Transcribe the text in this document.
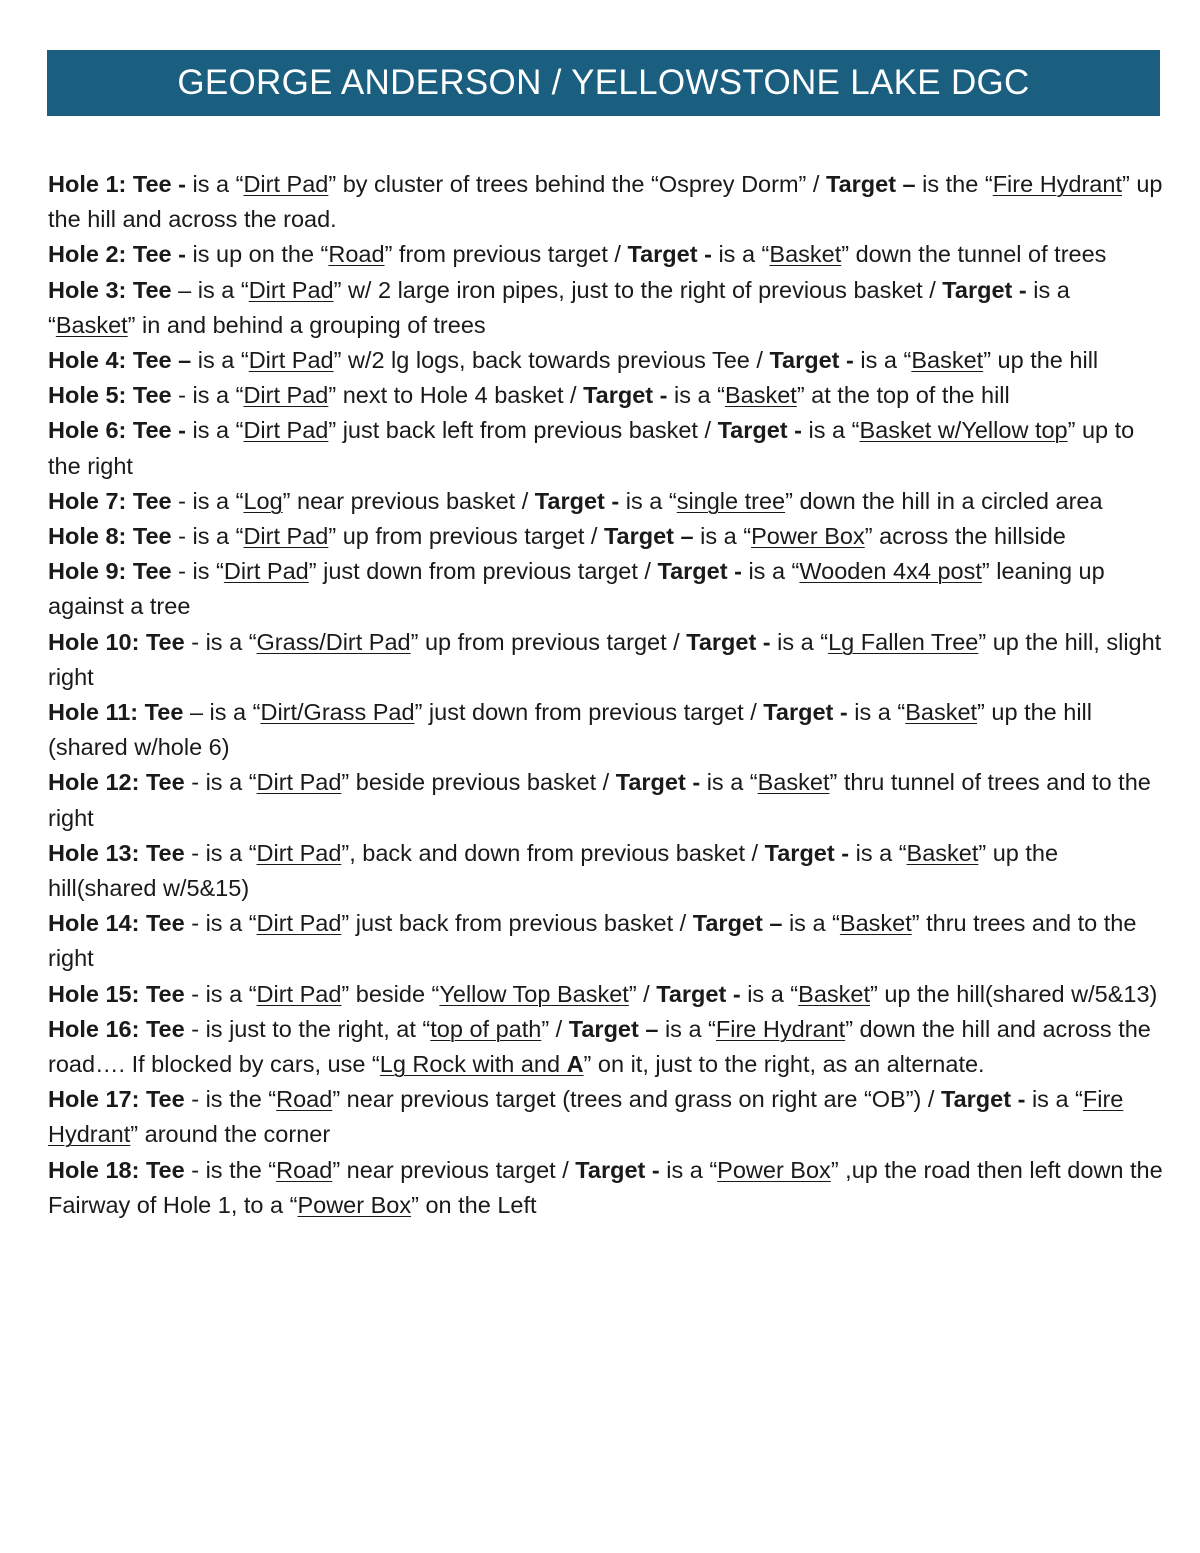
GEORGE ANDERSON / YELLOWSTONE LAKE DGC

Hole 1: Tee - is a “Dirt Pad” by cluster of trees behind the “Osprey Dorm” / Target – is the “Fire Hydrant” up the hill and across the road.

Hole 2: Tee - is up on the “Road” from previous target / Target - is a “Basket” down the tunnel of trees

Hole 3: Tee – is a “Dirt Pad” w/ 2 large iron pipes, just to the right of previous basket / Target - is a “Basket” in and behind a grouping of trees

Hole 4: Tee – is a “Dirt Pad” w/2 lg logs, back towards previous Tee / Target - is a “Basket” up the hill

Hole 5: Tee - is a “Dirt Pad” next to Hole 4 basket / Target - is a “Basket” at the top of the hill

Hole 6: Tee - is a “Dirt Pad” just back left from previous basket / Target - is a “Basket w/Yellow top” up to the right

Hole 7: Tee - is a “Log” near previous basket / Target - is a “single tree” down the hill in a circled area

Hole 8: Tee - is a “Dirt Pad” up from previous target / Target – is a “Power Box” across the hillside

Hole 9: Tee - is “Dirt Pad” just down from previous target / Target - is a “Wooden 4x4 post” leaning up against a tree

Hole 10: Tee - is a “Grass/Dirt Pad” up from previous target / Target - is a “Lg Fallen Tree” up the hill, slight right

Hole 11: Tee – is a “Dirt/Grass Pad” just down from previous target / Target - is a “Basket” up the hill (shared w/hole 6)

Hole 12: Tee - is a “Dirt Pad” beside previous basket / Target - is a “Basket” thru tunnel of trees and to the right

Hole 13: Tee - is a “Dirt Pad”, back and down from previous basket / Target - is a “Basket” up the hill(shared w/5&15)

Hole 14: Tee - is a “Dirt Pad” just back from previous basket / Target – is a “Basket” thru trees and to the right

Hole 15: Tee - is a “Dirt Pad” beside “Yellow Top Basket” / Target - is a “Basket” up the hill(shared w/5&13)

Hole 16: Tee - is just to the right, at “top of path” / Target – is a “Fire Hydrant” down the hill and across the road…. If blocked by cars, use “Lg Rock with and A” on it, just to the right, as an alternate.

Hole 17: Tee - is the “Road” near previous target (trees and grass on right are “OB”) / Target - is a “Fire Hydrant” around the corner

Hole 18: Tee - is the “Road” near previous target / Target - is a “Power Box” ,up the road then left down the Fairway of Hole 1, to a “Power Box” on the Left
